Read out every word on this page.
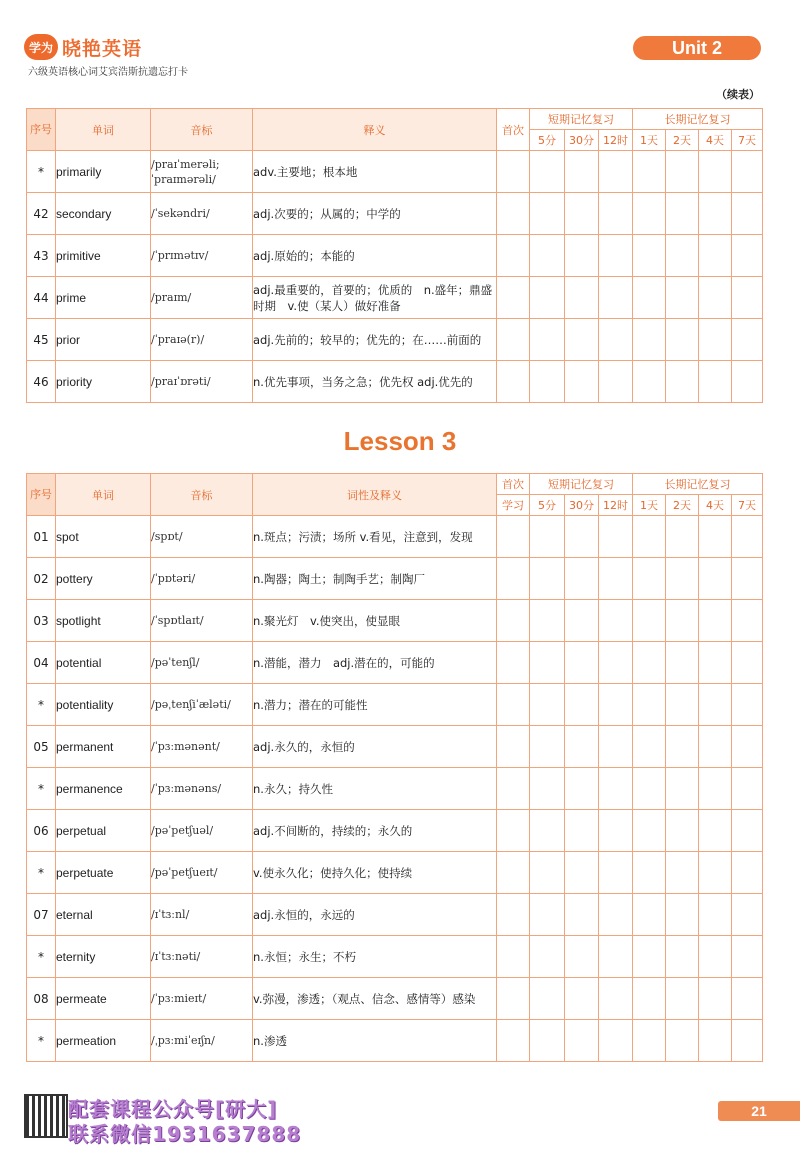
学为 晓艳英语
六级英语核心词艾宾浩斯抗遗忘打卡
Unit 2
（续表）
序号	单词	音标	释义	首次	短期记忆复习			长期记忆复习			
					5分	30分	12时	1天	2天	4天	7天
*	primarily	/praɪˈmerəli; ˈpraɪmərəli/	adv.主要地；根本地								
42	secondary	/ˈsekəndri/	adj.次要的；从属的；中学的								
43	primitive	/ˈprɪmətɪv/	adj.原始的；本能的								
44	prime	/praɪm/	adj.最重要的，首要的；优质的　n.盛年；鼎盛时期　v.使（某人）做好准备								
45	prior	/ˈpraɪə(r)/	adj.先前的；较早的；优先的；在……前面的								
46	priority	/praɪˈɒrəti/	n.优先事项，当务之急；优先权 adj.优先的								
Lesson 3
序号	单词	音标	词性及释义	首次	短期记忆复习			长期记忆复习			
				学习	5分	30分	12时	1天	2天	4天	7天
01	spot	/spɒt/	n.斑点；污渍；场所 v.看见，注意到，发现								
02	pottery	/ˈpɒtəri/	n.陶器；陶土；制陶手艺；制陶厂								
03	spotlight	/ˈspɒtlaɪt/	n.聚光灯　v.使突出，使显眼								
04	potential	/pəˈtenʃl/	n.潜能，潜力　adj.潜在的，可能的								
*	potentiality	/pəˌtenʃiˈæləti/	n.潜力；潜在的可能性								
05	permanent	/ˈpɜːmənənt/	adj.永久的，永恒的								
*	permanence	/ˈpɜːmənəns/	n.永久；持久性								
06	perpetual	/pəˈpetʃuəl/	adj.不间断的，持续的；永久的								
*	perpetuate	/pəˈpetʃueɪt/	v.使永久化；使持久化；使持续								
07	eternal	/ɪˈtɜːnl/	adj.永恒的，永远的								
*	eternity	/ɪˈtɜːnəti/	n.永恒；永生；不朽								
08	permeate	/ˈpɜːmieɪt/	v.弥漫，渗透；（观点、信念、感情等）感染								
*	permeation	/ˌpɜːmiˈeɪʃn/	n.渗透								
配套课程公众号[研大]
联系微信1931637888
21
